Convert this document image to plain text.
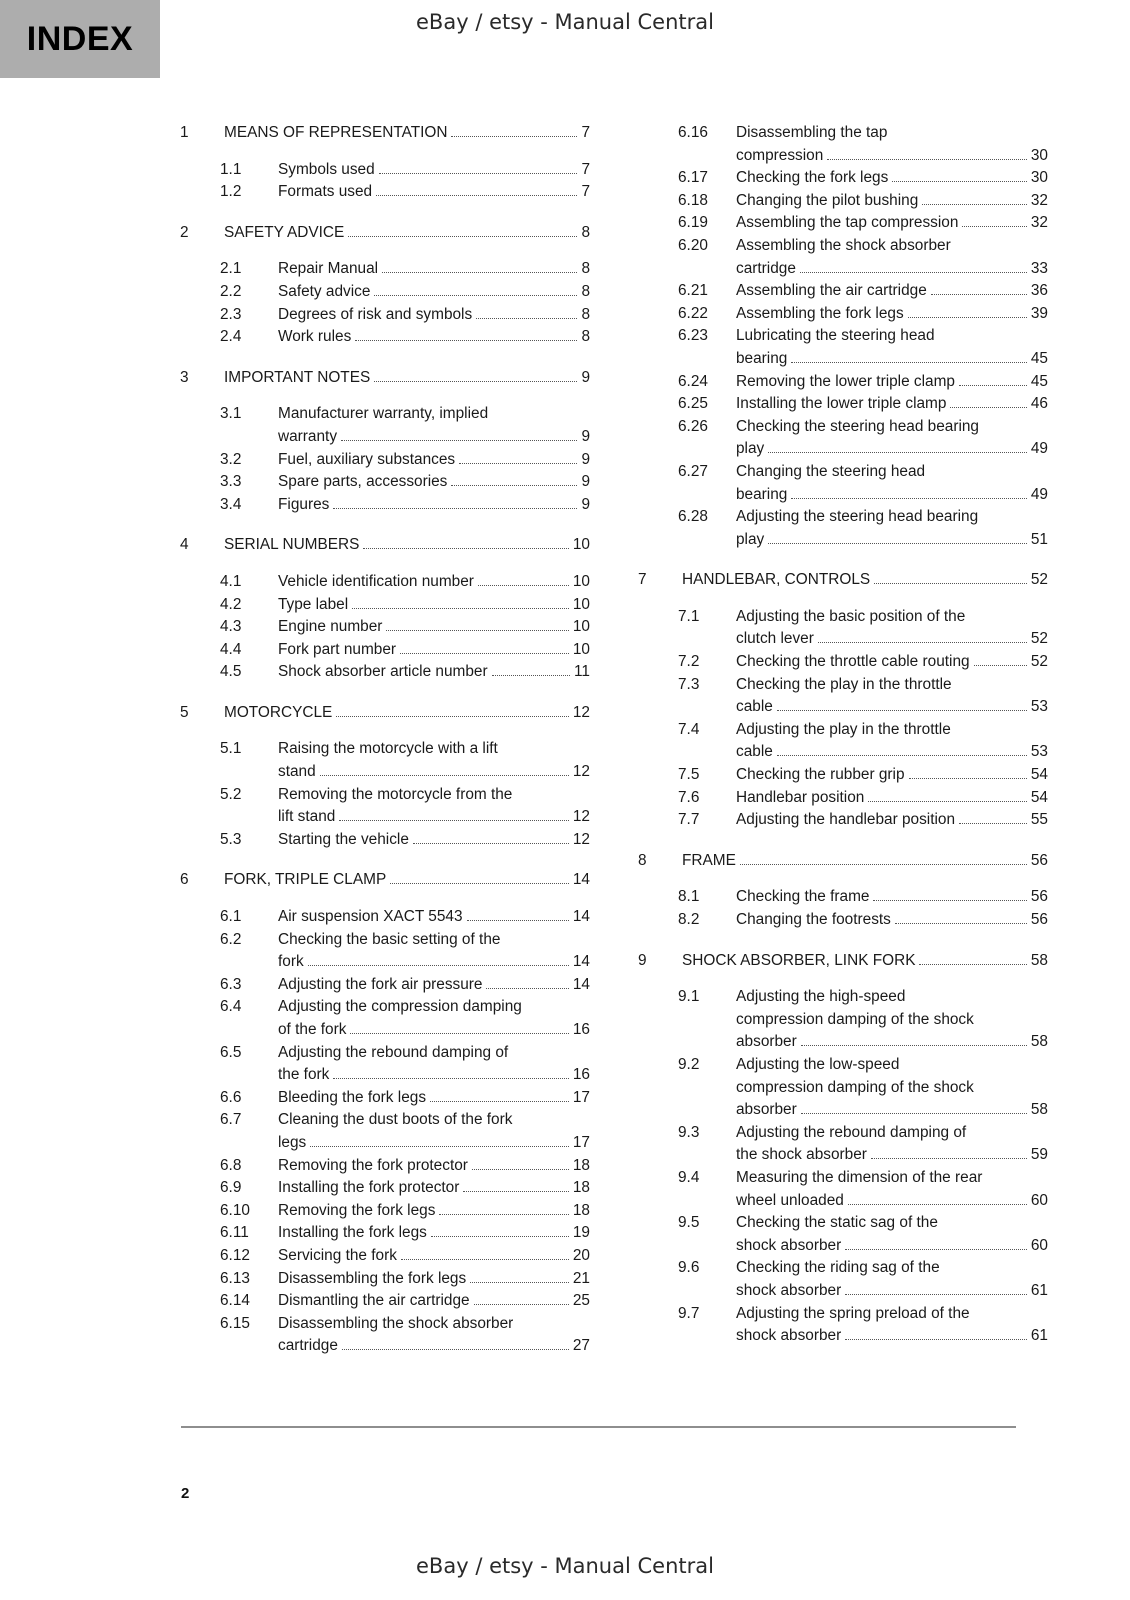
INDEX	eBay / etsy - Manual Central
1	MEANS OF REPRESENTATION	7
1.1	Symbols used	7
1.2	Formats used	7
2	SAFETY ADVICE	8
2.1	Repair Manual	8
2.2	Safety advice	8
2.3	Degrees of risk and symbols	8
2.4	Work rules	8
3	IMPORTANT NOTES	9
3.1	Manufacturer warranty, implied
warranty	9
3.2	Fuel, auxiliary substances	9
3.3	Spare parts, accessories	9
3.4	Figures	9
4	SERIAL NUMBERS	10
4.1	Vehicle identification number	10
4.2	Type label	10
4.3	Engine number	10
4.4	Fork part number	10
4.5	Shock absorber article number	11
5	MOTORCYCLE	12
5.1	Raising the motorcycle with a lift
stand	12
5.2	Removing the motorcycle from the
lift stand	12
5.3	Starting the vehicle	12
6	FORK, TRIPLE CLAMP	14
6.1	Air suspension XACT 5543	14
6.2	Checking the basic setting of the
fork	14
6.3	Adjusting the fork air pressure	14
6.4	Adjusting the compression damping
of the fork	16
6.5	Adjusting the rebound damping of
the fork	16
6.6	Bleeding the fork legs	17
6.7	Cleaning the dust boots of the fork
legs	17
6.8	Removing the fork protector	18
6.9	Installing the fork protector	18
6.10	Removing the fork legs	18
6.11	Installing the fork legs	19
6.12	Servicing the fork	20
6.13	Disassembling the fork legs	21
6.14	Dismantling the air cartridge	25
6.15	Disassembling the shock absorber
cartridge	27
6.16	Disassembling the tap
compression	30
6.17	Checking the fork legs	30
6.18	Changing the pilot bushing	32
6.19	Assembling the tap compression	32
6.20	Assembling the shock absorber
cartridge	33
6.21	Assembling the air cartridge	36
6.22	Assembling the fork legs	39
6.23	Lubricating the steering head
bearing	45
6.24	Removing the lower triple clamp	45
6.25	Installing the lower triple clamp	46
6.26	Checking the steering head bearing
play	49
6.27	Changing the steering head
bearing	49
6.28	Adjusting the steering head bearing
play	51
7	HANDLEBAR, CONTROLS	52
7.1	Adjusting the basic position of the
clutch lever	52
7.2	Checking the throttle cable routing	52
7.3	Checking the play in the throttle
cable	53
7.4	Adjusting the play in the throttle
cable	53
7.5	Checking the rubber grip	54
7.6	Handlebar position	54
7.7	Adjusting the handlebar position	55
8	FRAME	56
8.1	Checking the frame	56
8.2	Changing the footrests	56
9	SHOCK ABSORBER, LINK FORK	58
9.1	Adjusting the high-speed
compression damping of the shock
absorber	58
9.2	Adjusting the low-speed
compression damping of the shock
absorber	58
9.3	Adjusting the rebound damping of
the shock absorber	59
9.4	Measuring the dimension of the rear
wheel unloaded	60
9.5	Checking the static sag of the
shock absorber	60
9.6	Checking the riding sag of the
shock absorber	61
9.7	Adjusting the spring preload of the
shock absorber	61
2
eBay / etsy - Manual Central
